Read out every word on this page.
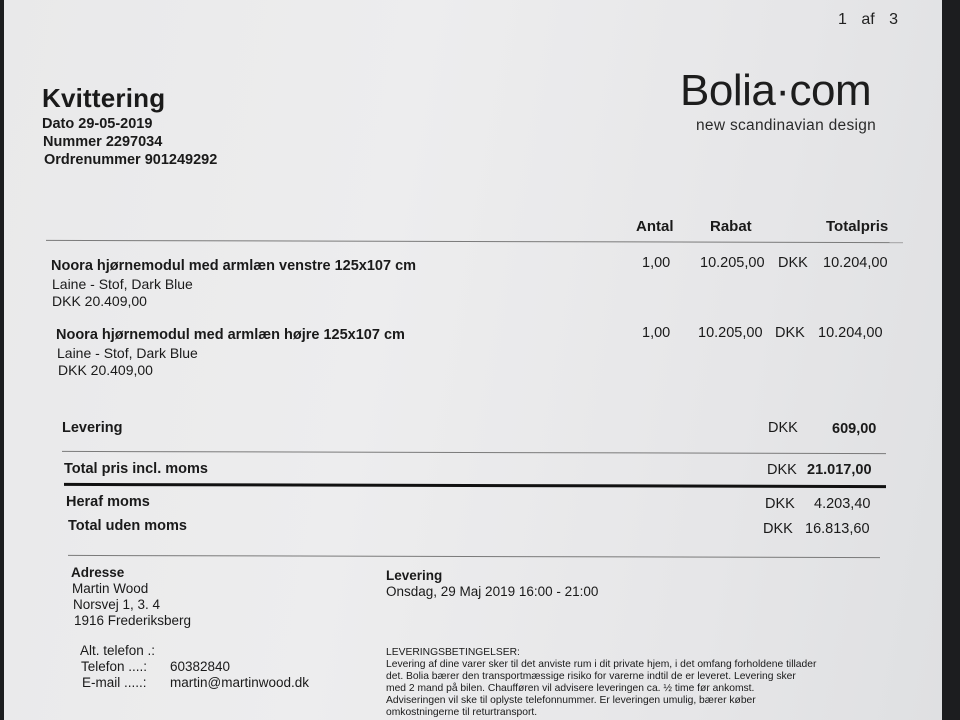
1 af 3
Kvittering
Dato 29-05-2019
Nummer 2297034
Ordrenummer 901249292
Bolia·com
new scandinavian design
Antal Rabat	Totalpris
Noora hjørnemodul med armlæn venstre 125x107 cm
Laine - Stof, Dark Blue
DKK 20.409,00
1,00 10.205,00 DKK 10.204,00
Noora hjørnemodul med armlæn højre 125x107 cm
Laine - Stof, Dark Blue
DKK 20.409,00
1,00 10.205,00 DKK 10.204,00
Levering	DKK 609,00
Total pris incl. moms	DKK 21.017,00
Heraf moms	DKK 4.203,40
Total uden moms	DKK 16.813,60
Adresse
Martin Wood
Norsvej 1, 3. 4
1916 Frederiksberg
Alt. telefon .:
Telefon ....: 60382840
E-mail .....: martin@martinwood.dk
Levering
Onsdag, 29 Maj 2019 16:00 - 21:00
LEVERINGSBETINGELSER:
Levering af dine varer sker til det anviste rum i dit private hjem, i det omfang forholdene tillader
det. Bolia bærer den transportmæssige risiko for varerne indtil de er leveret. Levering sker
med 2 mand på bilen. Chaufføren vil advisere leveringen ca. ½ time før ankomst.
Adviseringen vil ske til oplyste telefonnummer. Er leveringen umulig, bærer køber
omkostningerne til returtransport.
